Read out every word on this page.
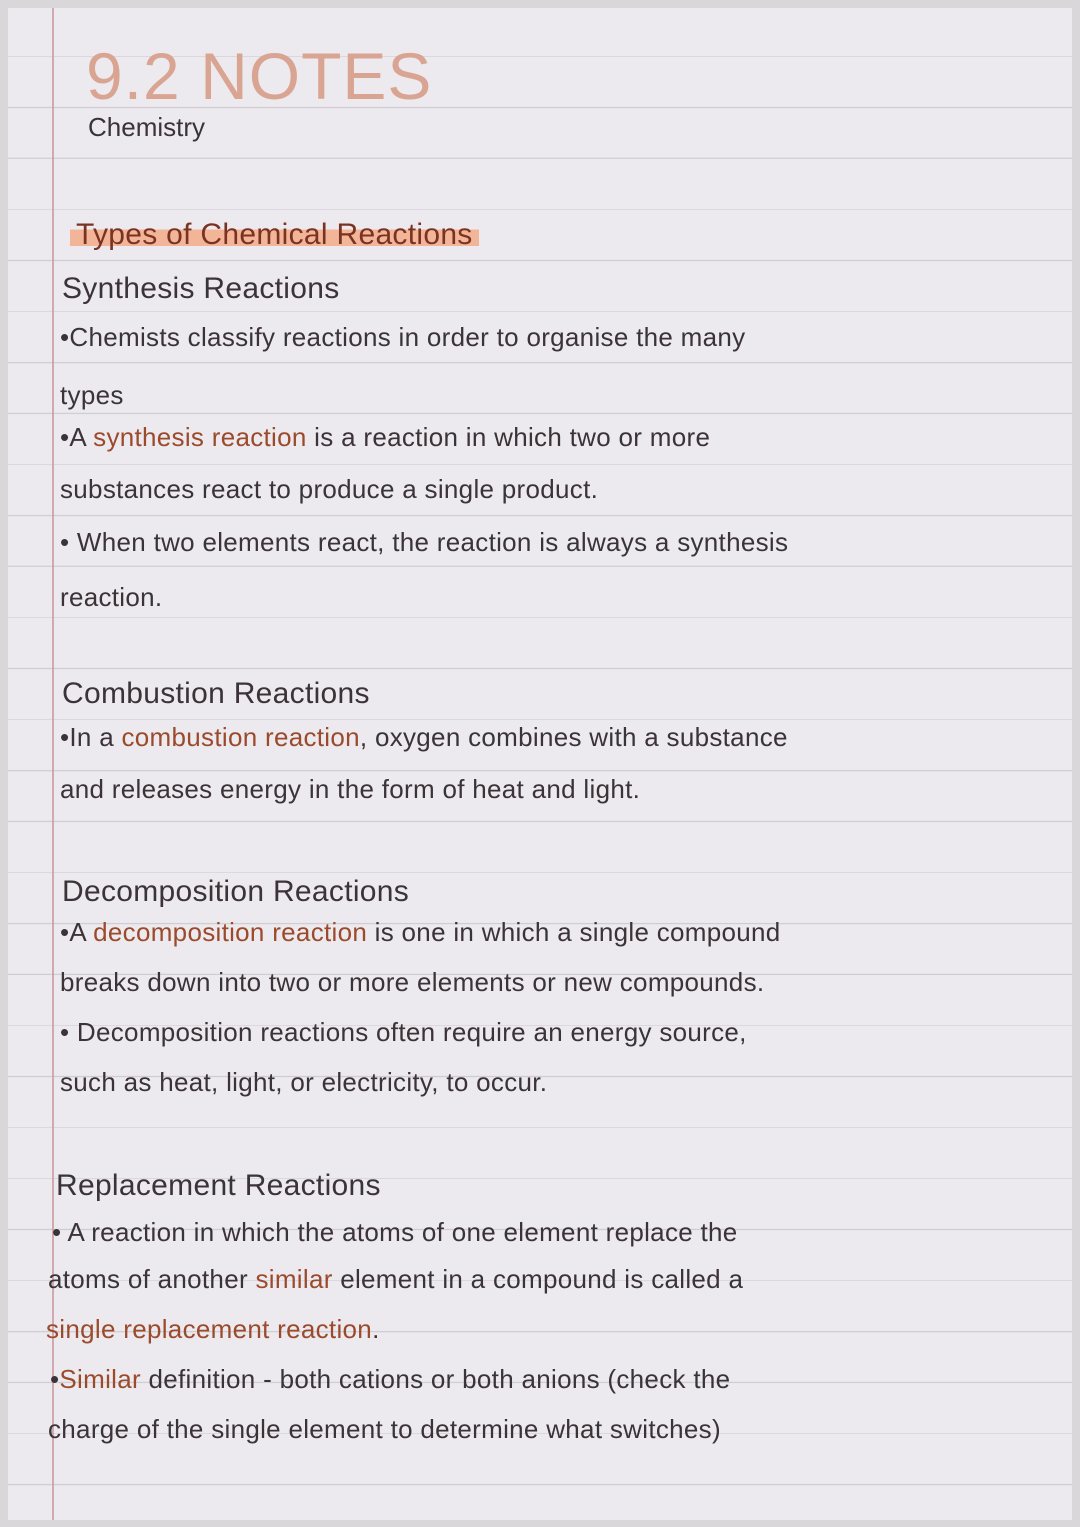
9.2 NOTES
Chemistry
Types of Chemical Reactions
Synthesis Reactions
•Chemists classify reactions in order to organise the many
types
•A synthesis reaction is a reaction in which two or more
substances react to produce a single product.
• When two elements react, the reaction is always a synthesis
reaction.
Combustion Reactions
•In a combustion reaction, oxygen combines with a substance
and releases energy in the form of heat and light.
Decomposition Reactions
•A decomposition reaction is one in which a single compound
breaks down into two or more elements or new compounds.
• Decomposition reactions often require an energy source,
such as heat, light, or electricity, to occur.
Replacement Reactions
• A reaction in which the atoms of one element replace the
atoms of another similar element in a compound is called a
single replacement reaction.
•Similar definition - both cations or both anions (check the
charge of the single element to determine what switches)
